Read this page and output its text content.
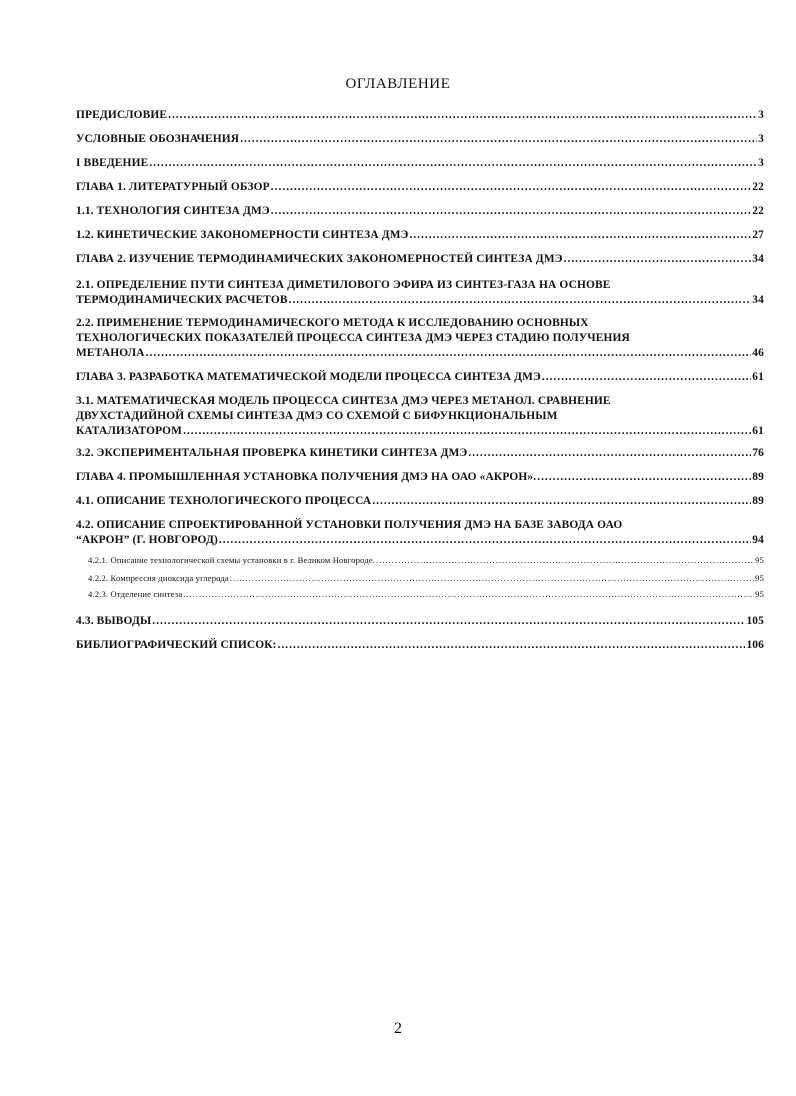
ОГЛАВЛЕНИЕ
ПРЕДИСЛОВИЕ .....	3
УСЛОВНЫЕ ОБОЗНАЧЕНИЯ .....	3
I ВВЕДЕНИЕ .....	3
ГЛАВА 1. ЛИТЕРАТУРНЫЙ ОБЗОР .....	22
1.1. ТЕХНОЛОГИЯ СИНТЕЗА ДМЭ .....	22
1.2. КИНЕТИЧЕСКИЕ ЗАКОНОМЕРНОСТИ СИНТЕЗА ДМЭ .....	27
ГЛАВА 2. ИЗУЧЕНИЕ ТЕРМОДИНАМИЧЕСКИХ ЗАКОНОМЕРНОСТЕЙ СИНТЕЗА ДМЭ .....	34
2.1. ОПРЕДЕЛЕНИЕ ПУТИ СИНТЕЗА ДИМЕТИЛОВОГО ЭФИРА ИЗ СИНТЕЗ-ГАЗА НА ОСНОВЕ
ТЕРМОДИНАМИЧЕСКИХ РАСЧЕТОВ .....	34
2.2. ПРИМЕНЕНИЕ ТЕРМОДИНАМИЧЕСКОГО МЕТОДА К ИССЛЕДОВАНИЮ ОСНОВНЫХ
ТЕХНОЛОГИЧЕСКИХ ПОКАЗАТЕЛЕЙ ПРОЦЕССА СИНТЕЗА ДМЭ ЧЕРЕЗ СТАДИЮ ПОЛУЧЕНИЯ
МЕТАНОЛА .....	46
ГЛАВА 3. РАЗРАБОТКА МАТЕМАТИЧЕСКОЙ МОДЕЛИ ПРОЦЕССА СИНТЕЗА ДМЭ .....	61
3.1. МАТЕМАТИЧЕСКАЯ МОДЕЛЬ ПРОЦЕССА СИНТЕЗА ДМЭ ЧЕРЕЗ МЕТАНОЛ. СРАВНЕНИЕ
ДВУХСТАДИЙНОЙ СХЕМЫ СИНТЕЗА ДМЭ СО СХЕМОЙ С БИФУНКЦИОНАЛЬНЫМ
КАТАЛИЗАТОРОМ .....	61
3.2. ЭКСПЕРИМЕНТАЛЬНАЯ ПРОВЕРКА КИНЕТИКИ СИНТЕЗА ДМЭ .....	76
ГЛАВА 4. ПРОМЫШЛЕННАЯ УСТАНОВКА ПОЛУЧЕНИЯ ДМЭ НА ОАО «АКРОН». .....	89
4.1. ОПИСАНИЕ ТЕХНОЛОГИЧЕСКОГО ПРОЦЕССА .....	89
4.2. ОПИСАНИЕ СПРОЕКТИРОВАННОЙ УСТАНОВКИ ПОЛУЧЕНИЯ ДМЭ НА БАЗЕ ЗАВОДА ОАО
“АКРОН” (Г. НОВГОРОД) .....	94
4.2.1. Описание технологической схемы установки в г. Великом Новгороде. .....	95
4.2.2. Компрессия диоксида углерода .....	95
4.2.3. Отделение синтеза .....	95
4.3. ВЫВОДЫ .....	105
БИБЛИОГРАФИЧЕСКИЙ СПИСОК: .....	106
2
